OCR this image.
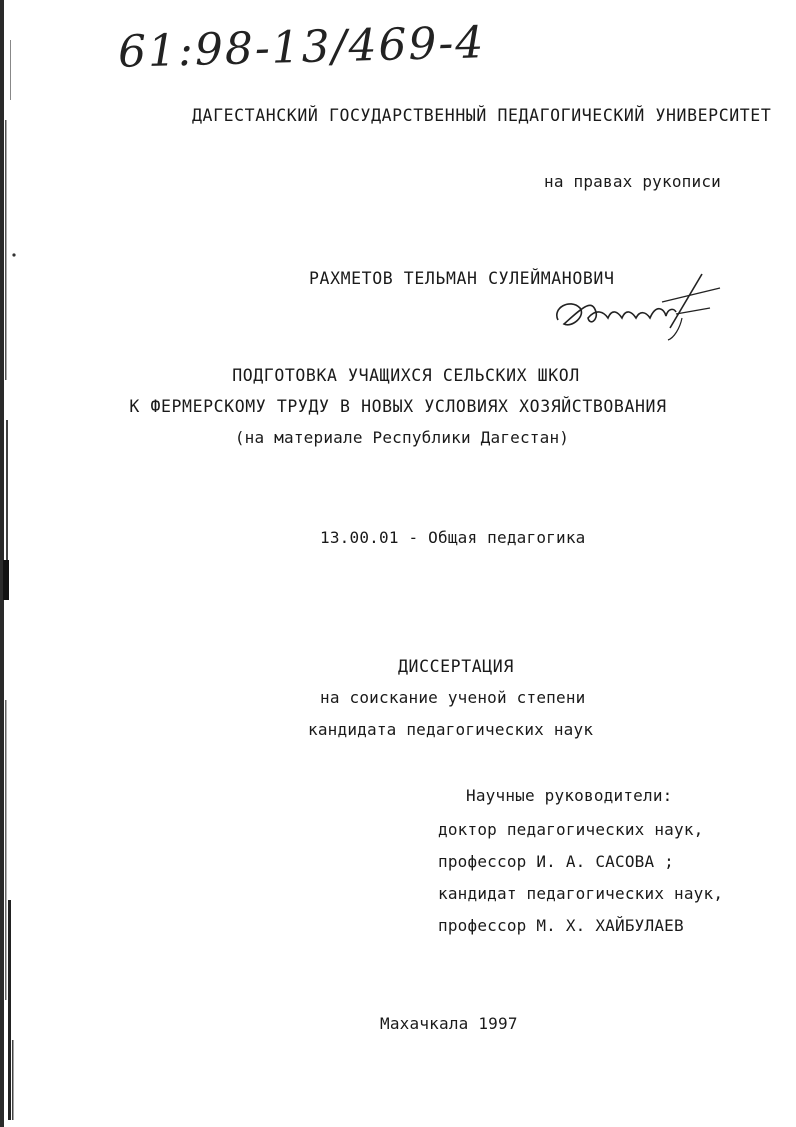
61:98-13/469-4
ДАГЕСТАНСКИЙ ГОСУДАРСТВЕННЫЙ ПЕДАГОГИЧЕСКИЙ УНИВЕРСИТЕТ
на правах рукописи
РАХМЕТОВ ТЕЛЬМАН СУЛЕЙМАНОВИЧ
ПОДГОТОВКА УЧАЩИХСЯ СЕЛЬСКИХ ШКОЛ
К ФЕРМЕРСКОМУ ТРУДУ В НОВЫХ УСЛОВИЯХ ХОЗЯЙСТВОВАНИЯ
(на материале Республики Дагестан)
13.00.01 - Общая педагогика
ДИССЕРТАЦИЯ
на соискание ученой степени
кандидата педагогических наук
Научные руководители:
доктор педагогических наук,
профессор И. А. САСОВА ;
кандидат педагогических наук,
профессор М. Х. ХАЙБУЛАЕВ
Махачкала 1997
